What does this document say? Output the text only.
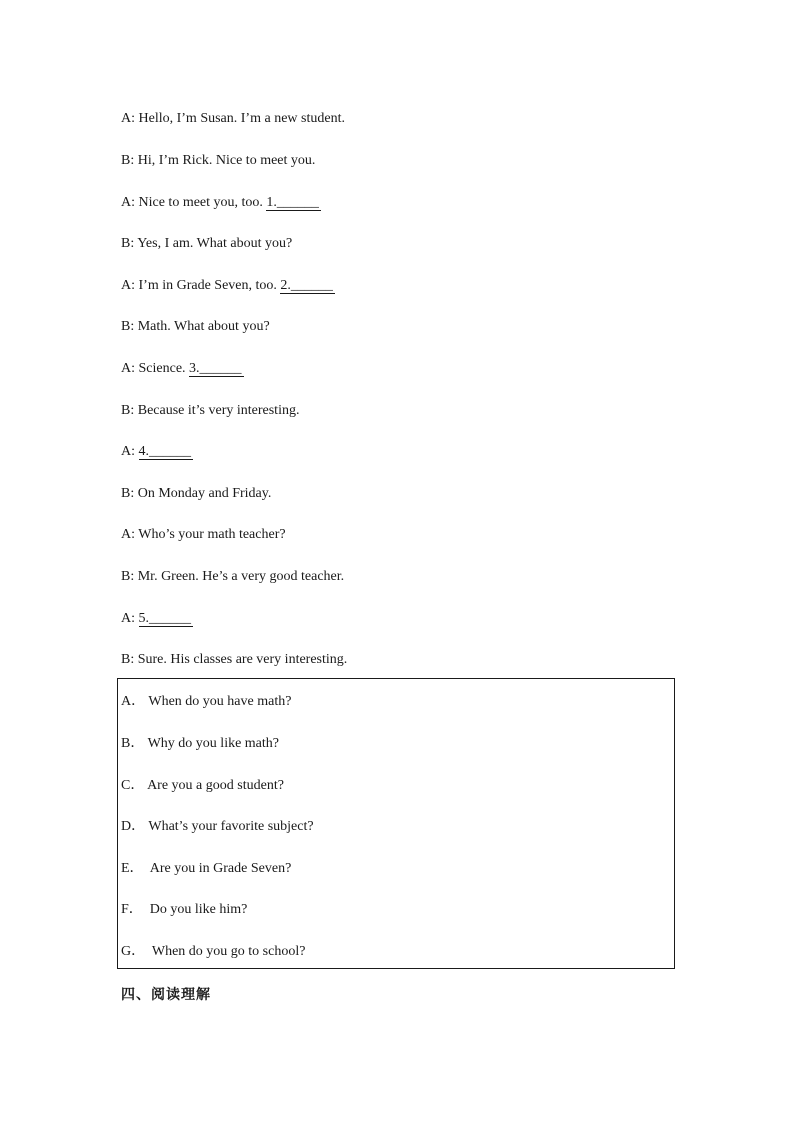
A: Hello, I’m Susan. I’m a new student.
B: Hi, I’m Rick. Nice to meet you.
A: Nice to meet you, too. 1.______
B: Yes, I am. What about you?
A: I’m in Grade Seven, too. 2.______
B: Math. What about you?
A: Science. 3.______
B: Because it’s very interesting.
A: 4.______
B: On Monday and Friday.
A: Who’s your math teacher?
B: Mr. Green. He’s a very good teacher.
A: 5.______
B: Sure. His classes are very interesting.
A． When do you have math?
B． Why do you like math?
C． Are you a good student?
D． What’s your favorite subject?
E．  Are you in Grade Seven?
F．  Do you like him?
G．  When do you go to school?
四、阅读理解
